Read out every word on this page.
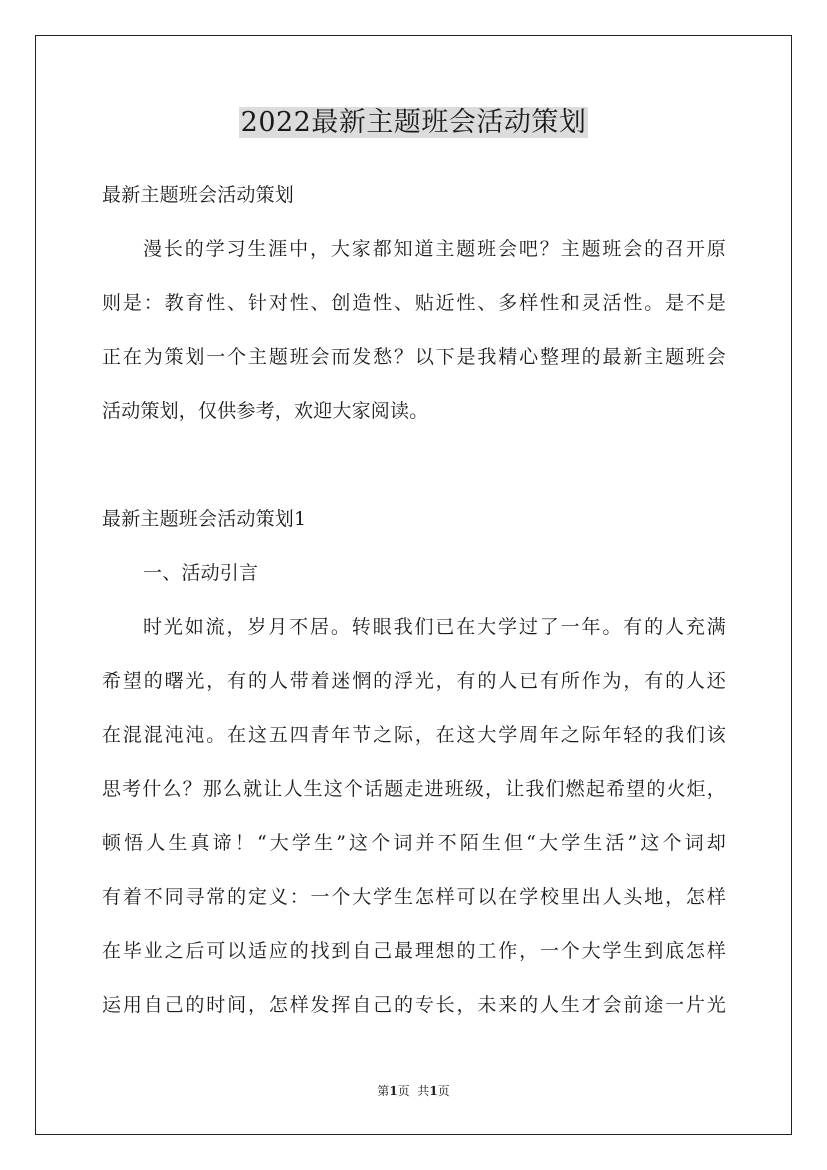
2022最新主题班会活动策划
最新主题班会活动策划
漫长的学习生涯中，大家都知道主题班会吧？主题班会的召开原
则是：教育性、针对性、创造性、贴近性、多样性和灵活性。是不是
正在为策划一个主题班会而发愁？以下是我精心整理的最新主题班会
活动策划，仅供参考，欢迎大家阅读。
最新主题班会活动策划1
一、活动引言
时光如流，岁月不居。转眼我们已在大学过了一年。有的人充满
希望的曙光，有的人带着迷惘的浮光，有的人已有所作为，有的人还
在混混沌沌。在这五四青年节之际，在这大学周年之际年轻的我们该
思考什么？那么就让人生这个话题走进班级，让我们燃起希望的火炬，
顿悟人生真谛！“大学生”这个词并不陌生但“大学生活”这个词却
有着不同寻常的定义：一个大学生怎样可以在学校里出人头地，怎样
在毕业之后可以适应的找到自己最理想的工作，一个大学生到底怎样
运用自己的时间，怎样发挥自己的专长，未来的人生才会前途一片光
第1页  共1页
